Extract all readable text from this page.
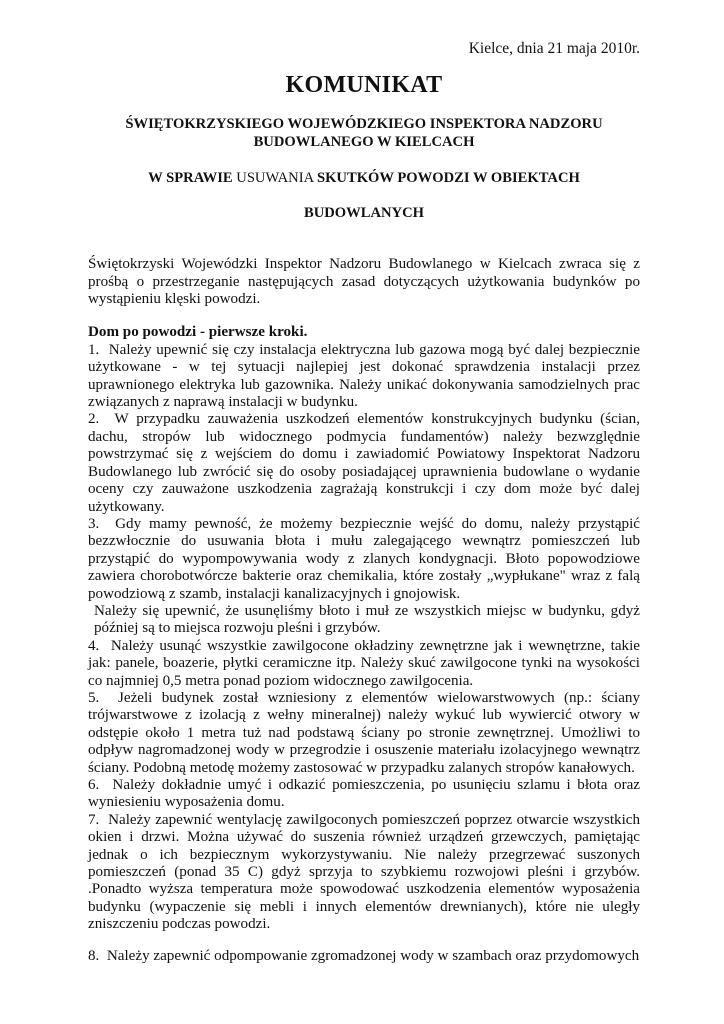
Kielce, dnia 21 maja 2010r.

KOMUNIKAT

ŚWIĘTOKRZYSKIEGO WOJEWÓDZKIEGO INSPEKTORA NADZORU BUDOWLANEGO W KIELCACH

W SPRAWIE USUWANIA SKUTKÓW POWODZI W OBIEKTACH

BUDOWLANYCH

Świętokrzyski Wojewódzki Inspektor Nadzoru Budowlanego w Kielcach zwraca się z prośbą o przestrzeganie następujących zasad dotyczących użytkowania budynków po wystąpieniu klęski powodzi.

Dom po powodzi - pierwsze kroki.

1. Należy upewnić się czy instalacja elektryczna lub gazowa mogą być dalej bezpiecznie użytkowane - w tej sytuacji najlepiej jest dokonać sprawdzenia instalacji przez uprawnionego elektryka lub gazownika. Należy unikać dokonywania samodzielnych prac związanych z naprawą instalacji w budynku.

2. W przypadku zauważenia uszkodzeń elementów konstrukcyjnych budynku (ścian, dachu, stropów lub widocznego podmycia fundamentów) należy bezwzględnie powstrzymać się z wejściem do domu i zawiadomić Powiatowy Inspektorat Nadzoru Budowlanego lub zwrócić się do osoby posiadającej uprawnienia budowlane o wydanie oceny czy zauważone uszkodzenia zagrażają konstrukcji i czy dom może być dalej użytkowany.

3. Gdy mamy pewność, że możemy bezpiecznie wejść do domu, należy przystąpić bezzwłocznie do usuwania błota i mułu zalegającego wewnątrz pomieszczeń lub przystąpić do wypompowywania wody z zlanych kondygnacji. Błoto popowodziowe zawiera chorobotwórcze bakterie oraz chemikalia, które zostały „wypłukane" wraz z falą powodziową z szamb, instalacji kanalizacyjnych i gnojowisk.

Należy się upewnić, że usunęliśmy błoto i muł ze wszystkich miejsc w budynku, gdyż później są to miejsca rozwoju pleśni i grzybów.

4. Należy usunąć wszystkie zawilgocone okładziny zewnętrzne jak i wewnętrzne, takie jak: panele, boazerie, płytki ceramiczne itp. Należy skuć zawilgocone tynki na wysokości co najmniej 0,5 metra ponad poziom widocznego zawilgocenia.

5. Jeżeli budynek został wzniesiony z elementów wielowarstwowych (np.: ściany trójwarstwowe z izolacją z wełny mineralnej) należy wykuć lub wywiercić otwory w odstępie około 1 metra tuż nad podstawą ściany po stronie zewnętrznej. Umożliwi to odpływ nagromadzonej wody w przegrodzie i osuszenie materiału izolacyjnego wewnątrz ściany. Podobną metodę możemy zastosować w przypadku zalanych stropów kanałowych.

6. Należy dokładnie umyć i odkazić pomieszczenia, po usunięciu szlamu i błota oraz wyniesieniu wyposażenia domu.

7. Należy zapewnić wentylację zawilgoconych pomieszczeń poprzez otwarcie wszystkich okien i drzwi. Można używać do suszenia również urządzeń grzewczych, pamiętając jednak o ich bezpiecznym wykorzystywaniu. Nie należy przegrzewać suszonych pomieszczeń (ponad 35 C) gdyż sprzyja to szybkiemu rozwojowi pleśni i grzybów. .Ponadto wyższa temperatura może spowodować uszkodzenia elementów wyposażenia budynku (wypaczenie się mebli i innych elementów drewnianych), które nie uległy zniszczeniu podczas powodzi.

8. Należy zapewnić odpompowanie zgromadzonej wody w szambach oraz przydomowych
